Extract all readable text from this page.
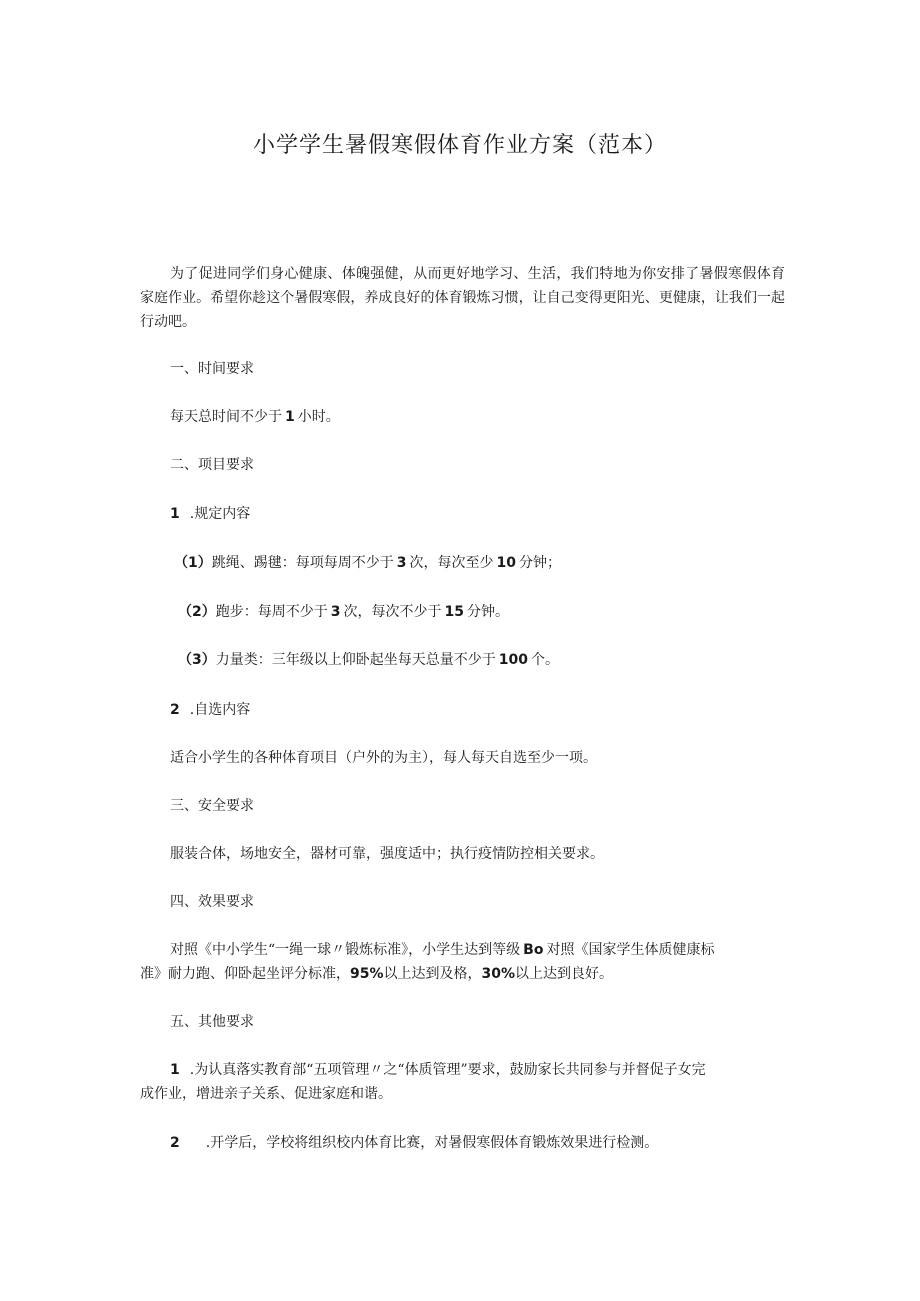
小学学生暑假寒假体育作业方案（范本）

为了促进同学们身心健康、体魄强健，从而更好地学习、生活，我们特地为你安排了暑假寒假体育家庭作业。希望你趁这个暑假寒假，养成良好的体育锻炼习惯，让自己变得更阳光、更健康，让我们一起行动吧。

一、时间要求

每天总时间不少于 1 小时。

二、项目要求

1 .规定内容

（1）跳绳、踢毽：每项每周不少于 3 次，每次至少 10 分钟；

（2）跑步：每周不少于 3 次，每次不少于 15 分钟。

（3）力量类：三年级以上仰卧起坐每天总量不少于 100 个。

2 .自选内容

适合小学生的各种体育项目（户外的为主），每人每天自选至少一项。

三、安全要求

服装合体，场地安全，器材可靠，强度适中；执行疫情防控相关要求。

四、效果要求

对照《中小学生“一绳一球〃锻炼标准》，小学生达到等级 Bo 对照《国家学生体质健康标

准》耐力跑、仰卧起坐评分标准，95%以上达到及格，30%以上达到良好。

五、其他要求

1 .为认真落实教育部“五项管理〃之“体质管理”要求，鼓励家长共同参与并督促子女完

成作业，增进亲子关系、促进家庭和谐。

2 .开学后，学校将组织校内体育比赛，对暑假寒假体育锻炼效果进行检测。
